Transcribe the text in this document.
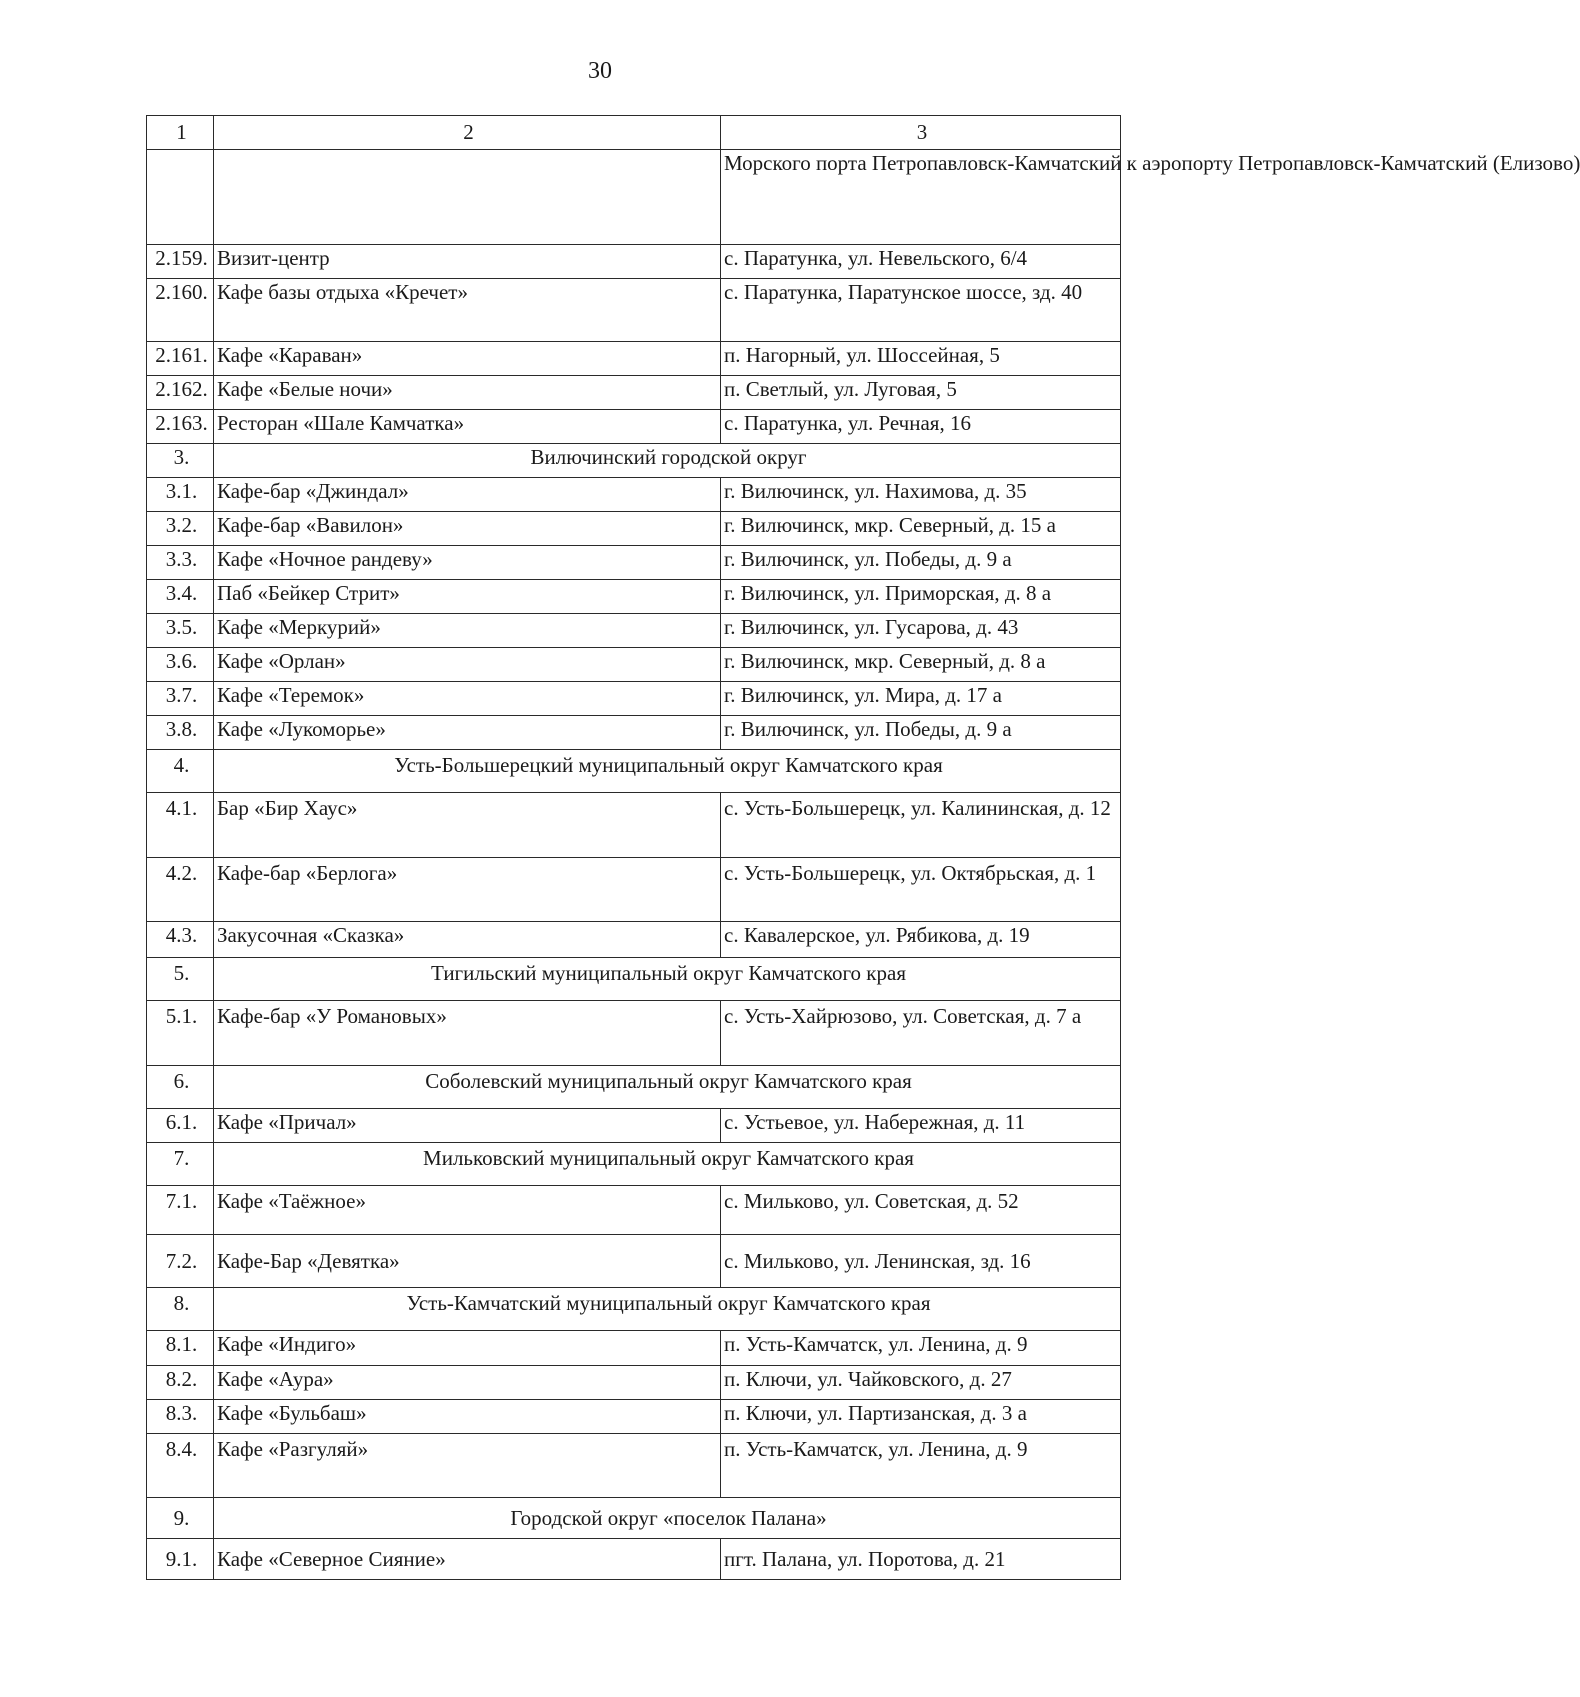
30
1	2	3
		Морского порта Петропавловск-Камчатский к аэропорту Петропавловск-Камчатский (Елизово)
2.159.	Визит-центр	с. Паратунка, ул. Невельского, 6/4
2.160.	Кафе базы отдыха «Кречет»	с. Паратунка, Паратунское шоссе, зд. 40
2.161.	Кафе «Караван»	п. Нагорный, ул. Шоссейная, 5
2.162.	Кафе «Белые ночи»	п. Светлый, ул. Луговая, 5
2.163.	Ресторан «Шале Камчатка»	с. Паратунка, ул. Речная, 16
3.	Вилючинский городской округ	
3.1.	Кафе-бар «Джиндал»	г. Вилючинск, ул. Нахимова, д. 35
3.2.	Кафе-бар «Вавилон»	г. Вилючинск, мкр. Северный, д. 15 а
3.3.	Кафе «Ночное рандеву»	г. Вилючинск, ул. Победы, д. 9 а
3.4.	Паб «Бейкер Стрит»	г. Вилючинск, ул. Приморская, д. 8 а
3.5.	Кафе «Меркурий»	г. Вилючинск, ул. Гусарова, д. 43
3.6.	Кафе «Орлан»	г. Вилючинск, мкр. Северный, д. 8 а
3.7.	Кафе «Теремок»	г. Вилючинск, ул. Мира, д. 17 а
3.8.	Кафе «Лукоморье»	г. Вилючинск, ул. Победы, д. 9 а
4.	Усть-Большерецкий муниципальный округ Камчатского края	
4.1.	Бар «Бир Хаус»	с. Усть-Большерецк, ул. Калининская, д. 12
4.2.	Кафе-бар «Берлога»	с. Усть-Большерецк, ул. Октябрьская, д. 1
4.3.	Закусочная «Сказка»	с. Кавалерское, ул. Рябикова, д. 19
5.	Тигильский муниципальный округ Камчатского края	
5.1.	Кафе-бар «У Романовых»	с. Усть-Хайрюзово, ул. Советская, д. 7 а
6.	Соболевский муниципальный округ Камчатского края	
6.1.	Кафе «Причал»	с. Устьевое, ул. Набережная, д. 11
7.	Мильковский муниципальный округ Камчатского края	
7.1.	Кафе «Таёжное»	с. Мильково, ул. Советская, д. 52
7.2.	Кафе-Бар «Девятка»	с. Мильково, ул. Ленинская, зд. 16
8.	Усть-Камчатский муниципальный округ Камчатского края	
8.1.	Кафе «Индиго»	п. Усть-Камчатск, ул. Ленина, д. 9
8.2.	Кафе «Аура»	п. Ключи, ул. Чайковского, д. 27
8.3.	Кафе «Бульбаш»	п. Ключи, ул. Партизанская, д. 3 а
8.4.	Кафе «Разгуляй»	п. Усть-Камчатск, ул. Ленина, д. 9
9.	Городской округ «поселок Палана»	
9.1.	Кафе «Северное Сияние»	пгт. Палана, ул. Поротова, д. 21
